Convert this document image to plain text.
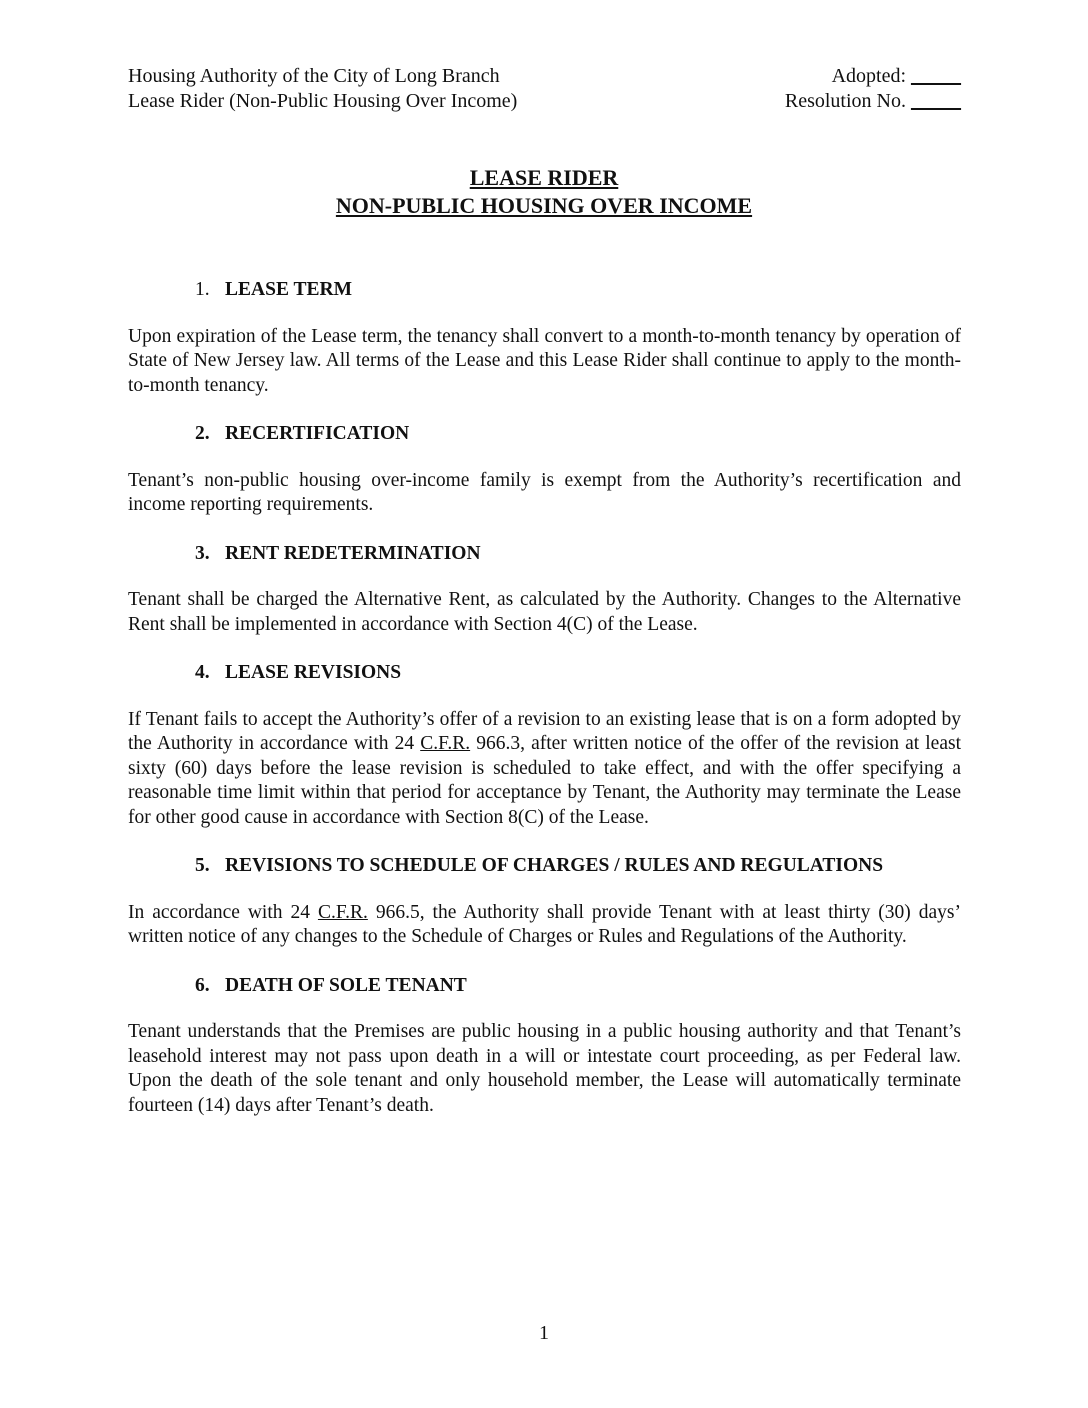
Housing Authority of the City of Long Branch	Adopted: _____
Lease Rider (Non-Public Housing Over Income)	Resolution No. _____
LEASE RIDER
NON-PUBLIC HOUSING OVER INCOME
1. LEASE TERM

Upon expiration of the Lease term, the tenancy shall convert to a month-to-month tenancy by operation of State of New Jersey law. All terms of the Lease and this Lease Rider shall continue to apply to the month-to-month tenancy.

2. RECERTIFICATION

Tenant’s non-public housing over-income family is exempt from the Authority’s recertification and income reporting requirements.

3. RENT REDETERMINATION

Tenant shall be charged the Alternative Rent, as calculated by the Authority. Changes to the Alternative Rent shall be implemented in accordance with Section 4(C) of the Lease.

4. LEASE REVISIONS

If Tenant fails to accept the Authority’s offer of a revision to an existing lease that is on a form adopted by the Authority in accordance with 24 C.F.R. 966.3, after written notice of the offer of the revision at least sixty (60) days before the lease revision is scheduled to take effect, and with the offer specifying a reasonable time limit within that period for acceptance by Tenant, the Authority may terminate the Lease for other good cause in accordance with Section 8(C) of the Lease.

5. REVISIONS TO SCHEDULE OF CHARGES / RULES AND REGULATIONS

In accordance with 24 C.F.R. 966.5, the Authority shall provide Tenant with at least thirty (30) days’ written notice of any changes to the Schedule of Charges or Rules and Regulations of the Authority.

6. DEATH OF SOLE TENANT

Tenant understands that the Premises are public housing in a public housing authority and that Tenant’s leasehold interest may not pass upon death in a will or intestate court proceeding, as per Federal law. Upon the death of the sole tenant and only household member, the Lease will automatically terminate fourteen (14) days after Tenant’s death.

1
